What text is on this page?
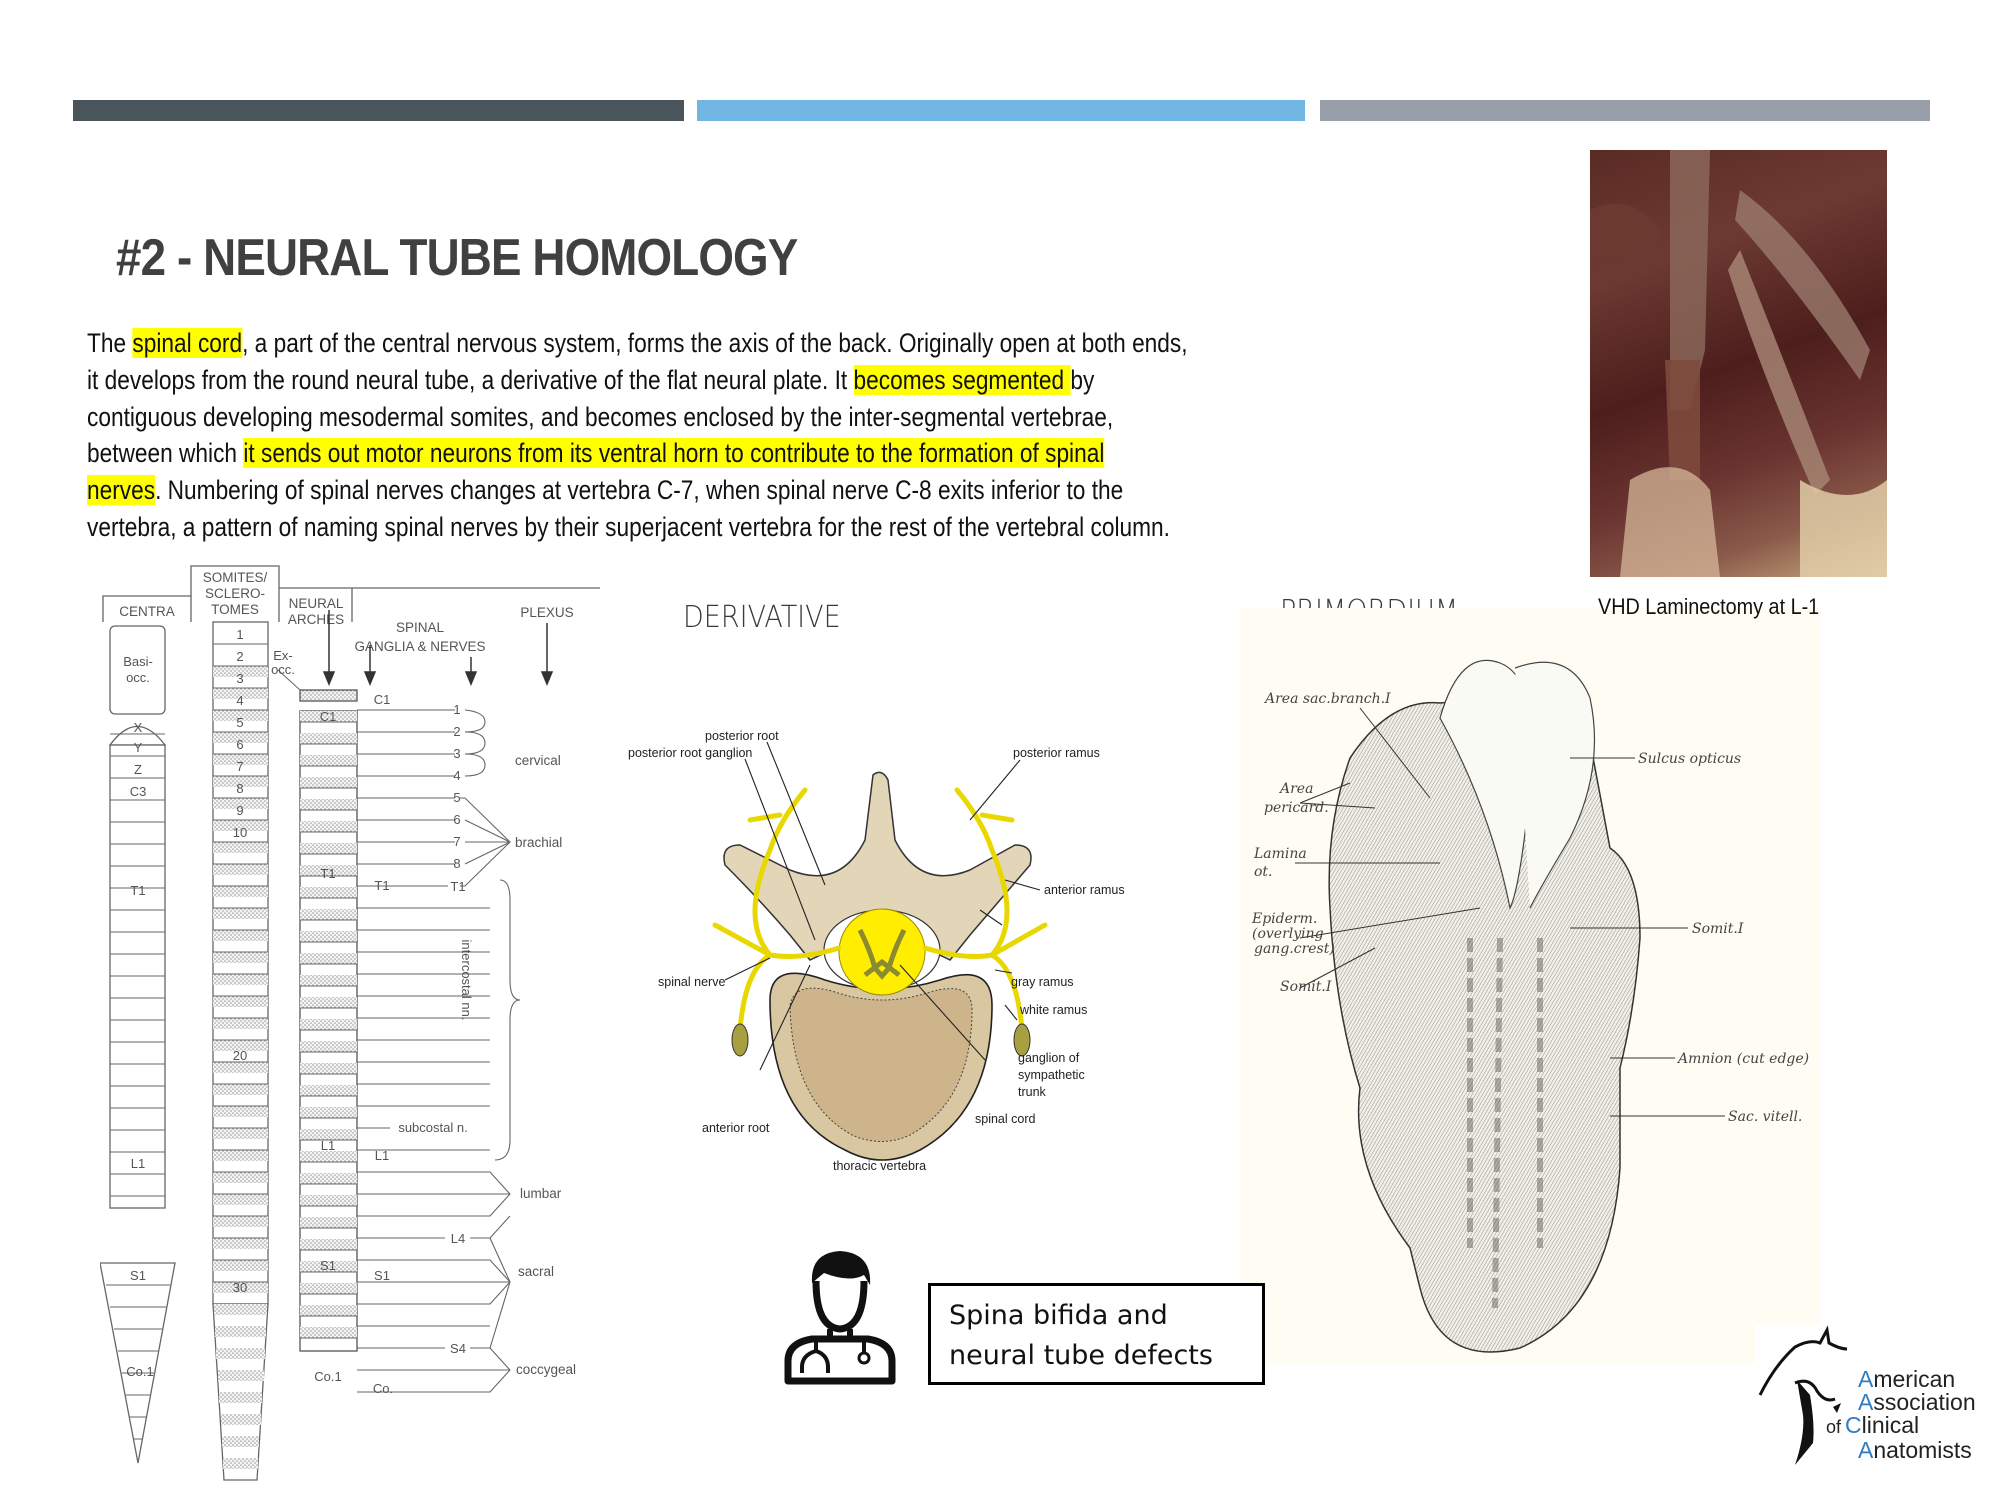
#2 - NEURAL TUBE HOMOLOGY
The spinal cord, a part of the central nervous system, forms the axis of the back. Originally open at both ends,
it develops from the round neural tube, a derivative of the flat neural plate. It becomes segmented by
contiguous developing mesodermal somites, and becomes enclosed by the inter-segmental vertebrae,
between which it sends out motor neurons from its ventral horn to contribute to the formation of spinal
nerves. Numbering of spinal nerves changes at vertebra C-7, when spinal nerve C-8 exits inferior to the
vertebra, a pattern of naming spinal nerves by their superjacent vertebra for the rest of the vertebral column.
CENTRA
SOMITES/
SCLERO-
TOMES NEURAL
ARCHES
SPINAL
GANGLIA & NERVES
PLEXUS
Basi-
occ.
X
Y
Z
C3
T1
L1
S1
Co.1
1
2
3
4
5
6
7
8
9
10
20
30
Ex-
occ.
C1
T1
L1
S1
Co.1
1
2
3
4
5
6
7
8
T1
L4
S4
subcostal n.
intercostal nn.
C1
T1
L1
S1
Co.
cervical
brachial
lumbar
sacral
coccygeal
DERIVATIVE
posterior root
posterior root ganglion	posterior ramus
anterior ramus
spinal nerve	gray ramus
white ramus
ganglion of
sympathetic
trunk
spinal cord
anterior root
thoracic vertebra
Area sac.branch.I
Area
pericard.
Lamina
ot.
Epiderm.
(overlying
gang.crest)
Somit.I
Sulcus opticus
Somit.I
Amnion (cut edge)
Sac. vitell.
VHD Laminectomy at L-1
Spina bifida and
neural tube defects
American
Association
of Clinical
Anatomists
